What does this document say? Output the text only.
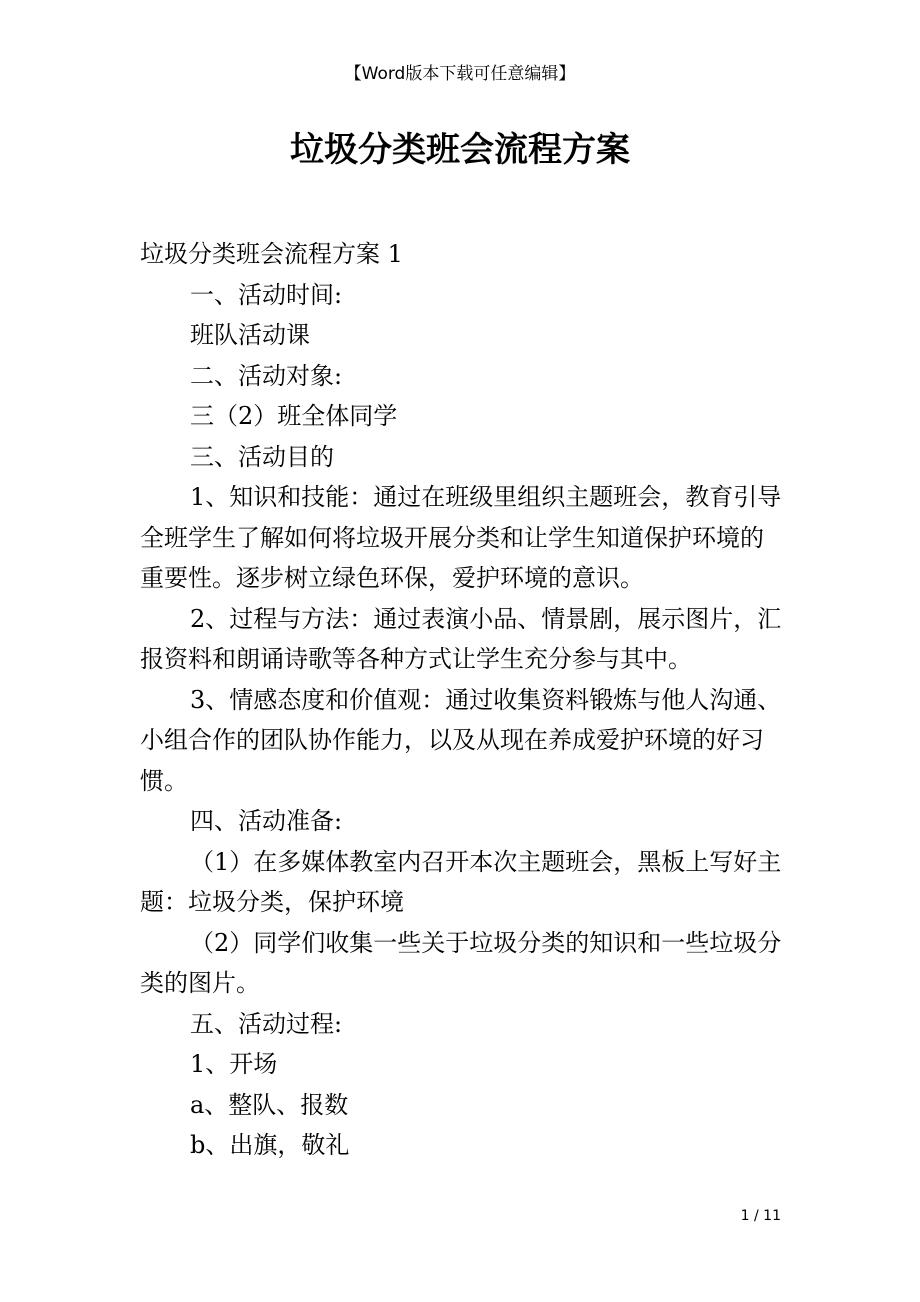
【Word版本下载可任意编辑】
垃圾分类班会流程方案

垃圾分类班会流程方案 1

一、活动时间:

班队活动课

二、活动对象:

三（2）班全体同学

三、活动目的

1、知识和技能：通过在班级里组织主题班会，教育引导全班学生了解如何将垃圾开展分类和让学生知道保护环境的重要性。逐步树立绿色环保，爱护环境的意识。

2、过程与方法：通过表演小品、情景剧，展示图片，汇报资料和朗诵诗歌等各种方式让学生充分参与其中。

3、情感态度和价值观：通过收集资料锻炼与他人沟通、小组合作的团队协作能力，以及从现在养成爱护环境的好习惯。

四、活动准备:

（1）在多媒体教室内召开本次主题班会，黑板上写好主题：垃圾分类，保护环境

（2）同学们收集一些关于垃圾分类的知识和一些垃圾分类的图片。

五、活动过程:

1、开场

a、整队、报数

b、出旗，敬礼

1 / 11
